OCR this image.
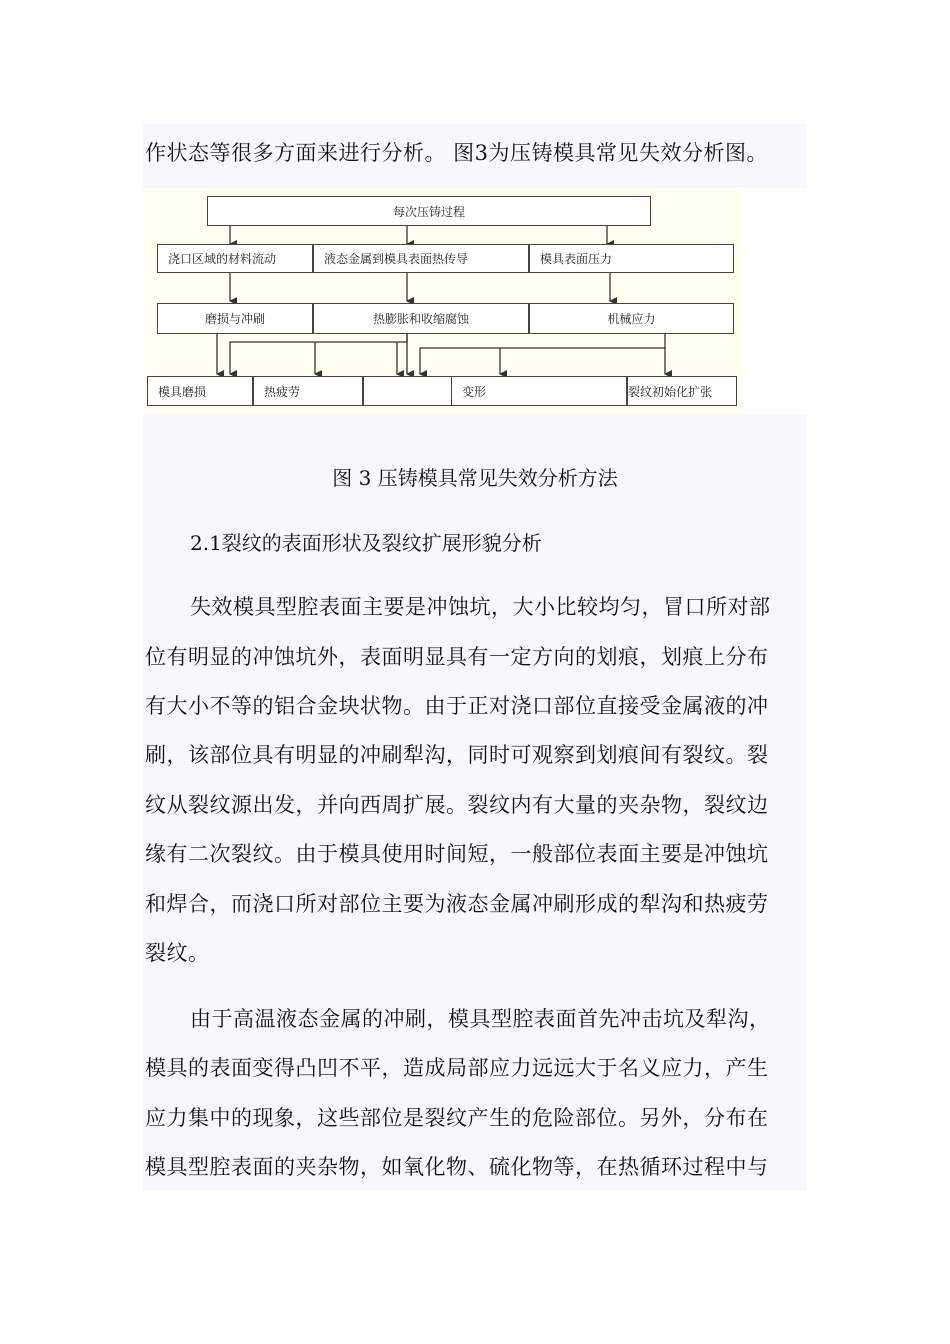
作状态等很多方面来进行分析。 图3为压铸模具常见失效分析图。
每次压铸过程
浇口区域的材料流动	液态金属到模具表面热传导	模具表面压力
磨损与冲刷	热膨胀和收缩腐蚀	机械应力
模具磨损	热疲劳	变形	裂纹初始化扩张
图 3 压铸模具常见失效分析方法
2.1裂纹的表面形状及裂纹扩展形貌分析
失效模具型腔表面主要是冲蚀坑，大小比较均匀，冒口所对部
位有明显的冲蚀坑外，表面明显具有一定方向的划痕，划痕上分布
有大小不等的铝合金块状物。由于正对浇口部位直接受金属液的冲
刷，该部位具有明显的冲刷犁沟，同时可观察到划痕间有裂纹。裂
纹从裂纹源出发，并向西周扩展。裂纹内有大量的夹杂物，裂纹边
缘有二次裂纹。由于模具使用时间短，一般部位表面主要是冲蚀坑
和焊合，而浇口所对部位主要为液态金属冲刷形成的犁沟和热疲劳
裂纹。
由于高温液态金属的冲刷，模具型腔表面首先冲击坑及犁沟，
模具的表面变得凸凹不平，造成局部应力远远大于名义应力，产生
应力集中的现象，这些部位是裂纹产生的危险部位。另外，分布在
模具型腔表面的夹杂物，如氧化物、硫化物等，在热循环过程中与
